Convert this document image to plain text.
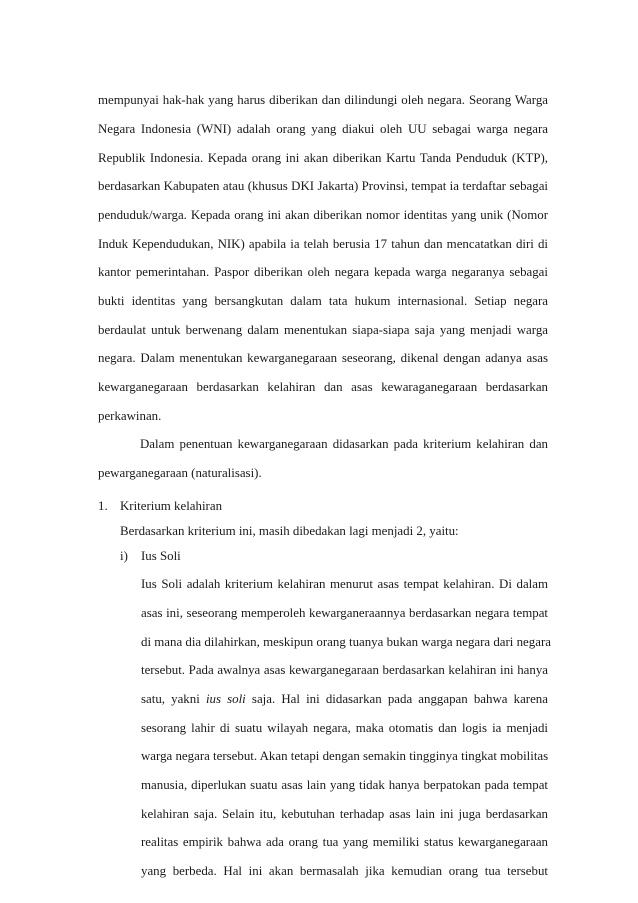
mempunyai hak-hak yang harus diberikan dan dilindungi oleh negara. Seorang Warga
Negara Indonesia (WNI) adalah orang yang diakui oleh UU sebagai warga negara
Republik Indonesia. Kepada orang ini akan diberikan Kartu Tanda Penduduk (KTP),
berdasarkan Kabupaten atau (khusus DKI Jakarta) Provinsi, tempat ia terdaftar sebagai
penduduk/warga. Kepada orang ini akan diberikan nomor identitas yang unik (Nomor
Induk Kependudukan, NIK) apabila ia telah berusia 17 tahun dan mencatatkan diri di
kantor pemerintahan. Paspor diberikan oleh negara kepada warga negaranya sebagai
bukti identitas yang bersangkutan dalam tata hukum internasional. Setiap negara
berdaulat untuk berwenang dalam menentukan siapa-siapa saja yang menjadi warga
negara. Dalam menentukan kewarganegaraan seseorang, dikenal dengan adanya asas
kewarganegaraan berdasarkan kelahiran dan asas kewaraganegaraan berdasarkan
perkawinan.
Dalam penentuan kewarganegaraan didasarkan pada kriterium kelahiran dan
pewarganegaraan (naturalisasi).
1. Kriterium kelahiran
Berdasarkan kriterium ini, masih dibedakan lagi menjadi 2, yaitu:
i) Ius Soli
Ius Soli adalah kriterium kelahiran menurut asas tempat kelahiran. Di dalam
asas ini, seseorang memperoleh kewarganeraannya berdasarkan negara tempat
di mana dia dilahirkan, meskipun orang tuanya bukan warga negara dari negara
tersebut. Pada awalnya asas kewarganegaraan berdasarkan kelahiran ini hanya
satu, yakni ius soli saja. Hal ini didasarkan pada anggapan bahwa karena
sesorang lahir di suatu wilayah negara, maka otomatis dan logis ia menjadi
warga negara tersebut. Akan tetapi dengan semakin tingginya tingkat mobilitas
manusia, diperlukan suatu asas lain yang tidak hanya berpatokan pada tempat
kelahiran saja. Selain itu, kebutuhan terhadap asas lain ini juga berdasarkan
realitas empirik bahwa ada orang tua yang memiliki status kewarganegaraan
yang berbeda. Hal ini akan bermasalah jika kemudian orang tua tersebut
